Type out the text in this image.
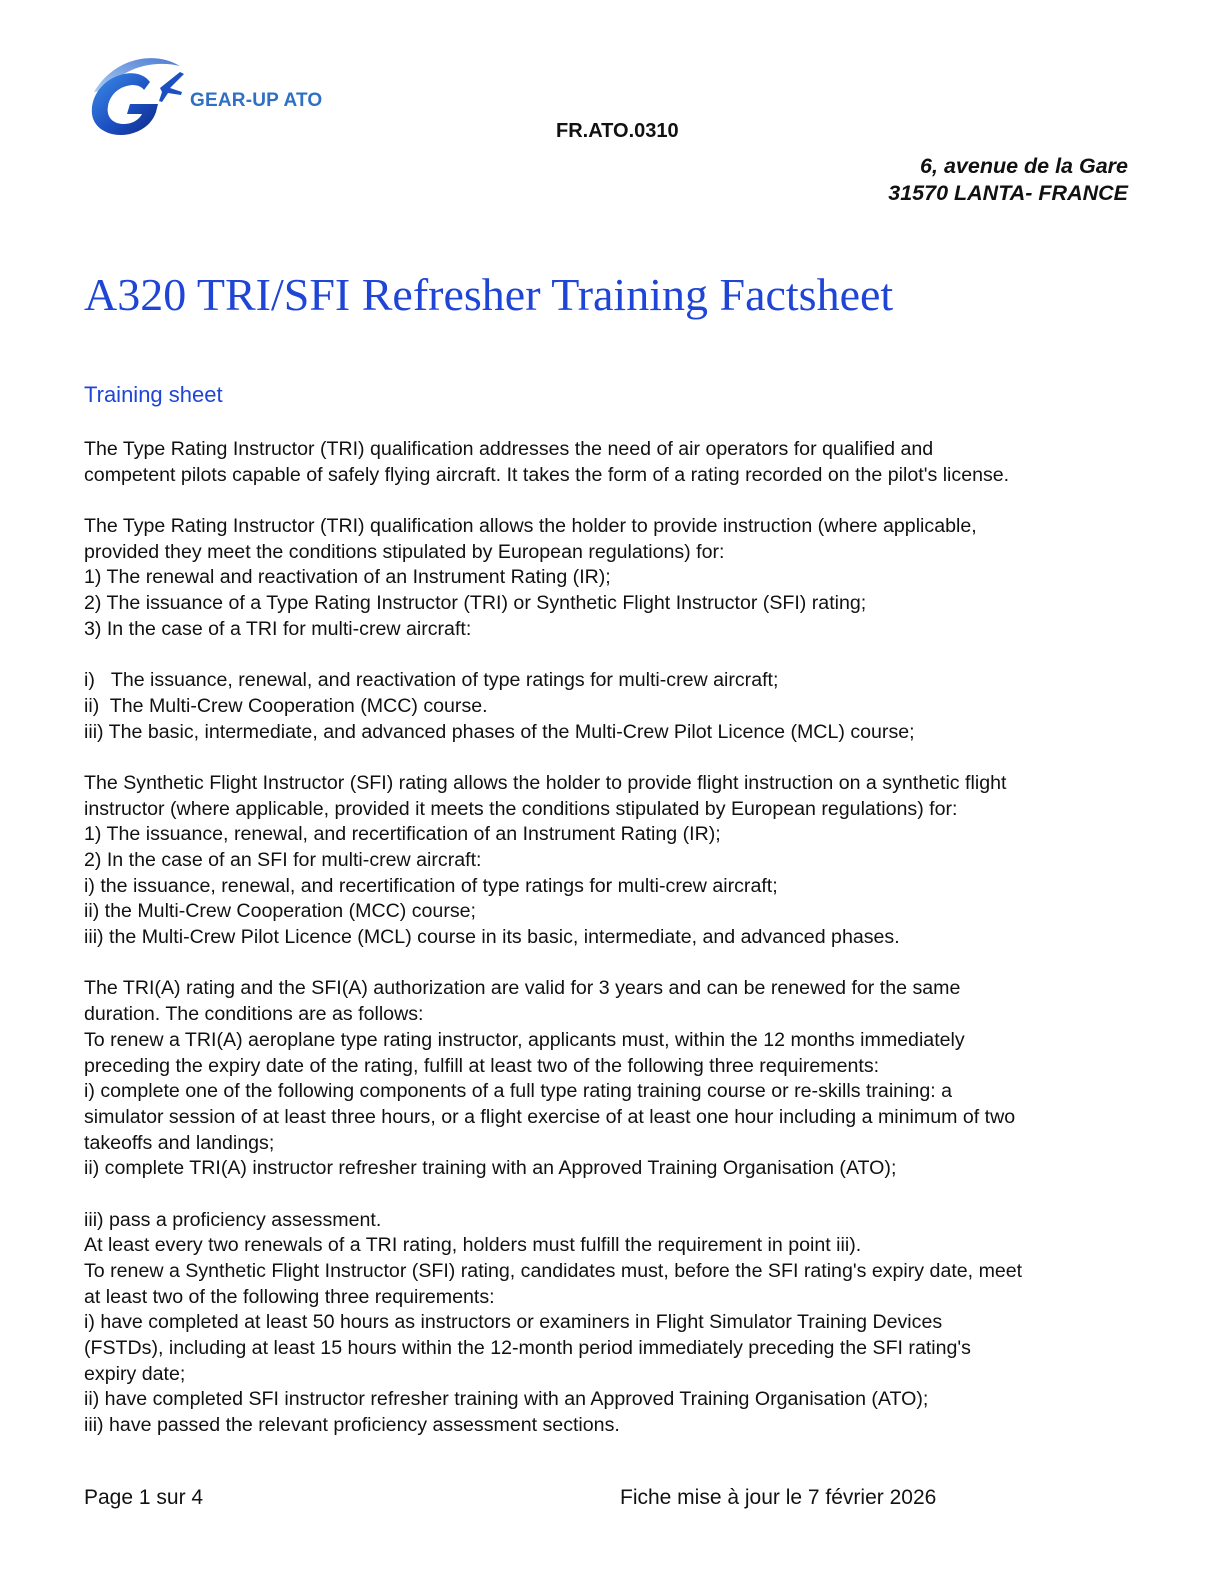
GEAR-UP ATO
FR.ATO.0310
6, avenue de la Gare
31570 LANTA- FRANCE
A320 TRI/SFI Refresher Training Factsheet
Training sheet
The Type Rating Instructor (TRI) qualification addresses the need of air operators for qualified and
competent pilots capable of safely flying aircraft. It takes the form of a rating recorded on the pilot's license.
The Type Rating Instructor (TRI) qualification allows the holder to provide instruction (where applicable,
provided they meet the conditions stipulated by European regulations) for:
1) The renewal and reactivation of an Instrument Rating (IR);
2) The issuance of a Type Rating Instructor (TRI) or Synthetic Flight Instructor (SFI) rating;
3) In the case of a TRI for multi-crew aircraft:
i)   The issuance, renewal, and reactivation of type ratings for multi-crew aircraft;
ii)  The Multi-Crew Cooperation (MCC) course.
iii) The basic, intermediate, and advanced phases of the Multi-Crew Pilot Licence (MCL) course;
The Synthetic Flight Instructor (SFI) rating allows the holder to provide flight instruction on a synthetic flight
instructor (where applicable, provided it meets the conditions stipulated by European regulations) for:
1) The issuance, renewal, and recertification of an Instrument Rating (IR);
2) In the case of an SFI for multi-crew aircraft:
i) the issuance, renewal, and recertification of type ratings for multi-crew aircraft;
ii) the Multi-Crew Cooperation (MCC) course;
iii) the Multi-Crew Pilot Licence (MCL) course in its basic, intermediate, and advanced phases.
The TRI(A) rating and the SFI(A) authorization are valid for 3 years and can be renewed for the same
duration. The conditions are as follows:
To renew a TRI(A) aeroplane type rating instructor, applicants must, within the 12 months immediately
preceding the expiry date of the rating, fulfill at least two of the following three requirements:
i) complete one of the following components of a full type rating training course or re-skills training: a
simulator session of at least three hours, or a flight exercise of at least one hour including a minimum of two
takeoffs and landings;
ii) complete TRI(A) instructor refresher training with an Approved Training Organisation (ATO);
iii) pass a proficiency assessment.
At least every two renewals of a TRI rating, holders must fulfill the requirement in point iii).
To renew a Synthetic Flight Instructor (SFI) rating, candidates must, before the SFI rating's expiry date, meet
at least two of the following three requirements:
i) have completed at least 50 hours as instructors or examiners in Flight Simulator Training Devices
(FSTDs), including at least 15 hours within the 12-month period immediately preceding the SFI rating's
expiry date;
ii) have completed SFI instructor refresher training with an Approved Training Organisation (ATO);
iii) have passed the relevant proficiency assessment sections.
Page 1 sur 4	Fiche mise à jour le 7 février 2026
